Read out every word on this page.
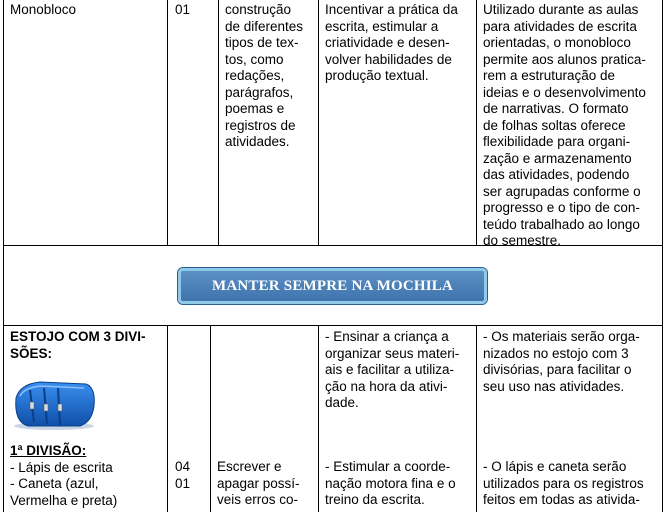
Monobloco	01	construção
de diferentes
tipos de tex-
tos, como
redações,
parágrafos,
poemas e
registros de
atividades.
Incentivar a prática da
escrita, estimular a
criatividade e desen-
volver habilidades de
produção textual.
Utilizado durante as aulas
para atividades de escrita
orientadas, o monobloco
permite aos alunos pratica-
rem a estruturação de
ideias e o desenvolvimento
de narrativas. O formato
de folhas soltas oferece
flexibilidade para organi-
zação e armazenamento
das atividades, podendo
ser agrupadas conforme o
progresso e o tipo de con-
teúdo trabalhado ao longo
do semestre.
MANTER SEMPRE NA MOCHILA
ESTOJO COM 3 DIVI-
SÕES:
1ª DIVISÃO:
- Lápis de escrita
- Caneta (azul,
Vermelha e preta)
04
01
Escrever e
apagar possí-
veis erros co-
- Ensinar a criança a
organizar seus materi-
ais e facilitar a utiliza-
ção na hora da ativi-
dade.
- Estimular a coorde-
nação motora fina e o
treino da escrita.
- Os materiais serão orga-
nizados no estojo com 3
divisórias, para facilitar o
seu uso nas atividades.
- O lápis e caneta serão
utilizados para os registros
feitos em todas as ativida-
